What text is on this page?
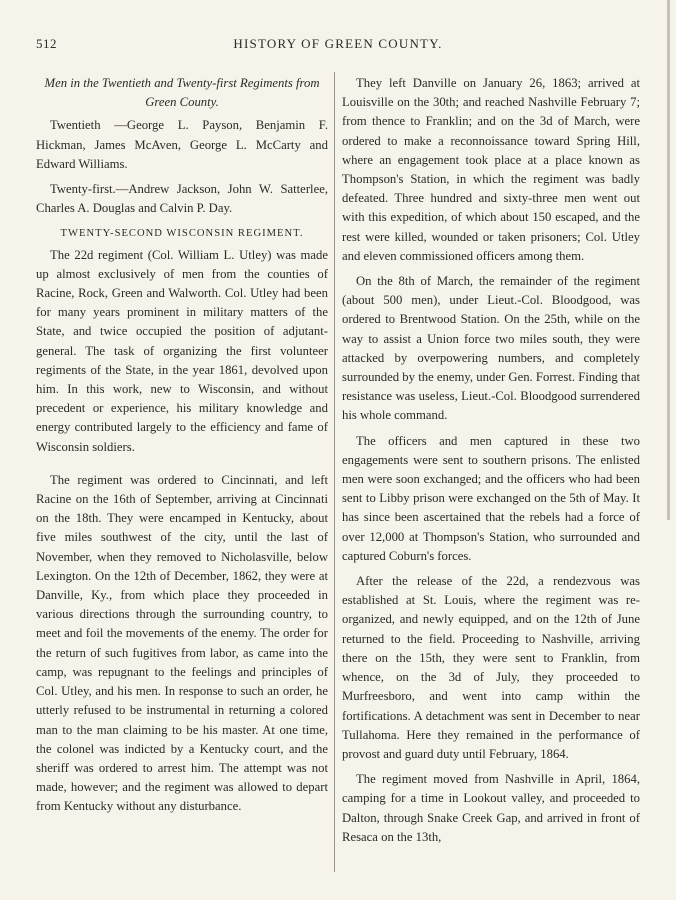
512	HISTORY OF GREEN COUNTY.

Men in the Twentieth and Twenty-first Regiments from Green County.

Twentieth —George L. Payson, Benjamin F. Hickman, James McAven, George L. McCarty and Edward Williams.

Twenty-first.—Andrew Jackson, John W. Satterlee, Charles A. Douglas and Calvin P. Day.

TWENTY-SECOND WISCONSIN REGIMENT.

The 22d regiment (Col. William L. Utley) was made up almost exclusively of men from the counties of Racine, Rock, Green and Walworth. Col. Utley had been for many years prominent in military matters of the State, and twice occupied the position of adjutant-general. The task of organizing the first volunteer regiments of the State, in the year 1861, devolved upon him. In this work, new to Wisconsin, and without precedent or experience, his military knowledge and energy contributed largely to the efficiency and fame of Wisconsin soldiers.

The regiment was ordered to Cincinnati, and left Racine on the 16th of September, arriving at Cincinnati on the 18th. They were encamped in Kentucky, about five miles southwest of the city, until the last of November, when they removed to Nicholasville, below Lexington. On the 12th of December, 1862, they were at Danville, Ky., from which place they proceeded in various directions through the surrounding country, to meet and foil the movements of the enemy. The order for the return of such fugitives from labor, as came into the camp, was repugnant to the feelings and principles of Col. Utley, and his men. In response to such an order, he utterly refused to be instrumental in returning a colored man to the man claiming to be his master. At one time, the colonel was indicted by a Kentucky court, and the sheriff was ordered to arrest him. The attempt was not made, however; and the regiment was allowed to depart from Kentucky without any disturbance.

They left Danville on January 26, 1863; arrived at Louisville on the 30th; and reached Nashville February 7; from thence to Franklin; and on the 3d of March, were ordered to make a reconnoissance toward Spring Hill, where an engagement took place at a place known as Thompson's Station, in which the regiment was badly defeated. Three hundred and sixty-three men went out with this expedition, of which about 150 escaped, and the rest were killed, wounded or taken prisoners; Col. Utley and eleven commissioned officers among them.

On the 8th of March, the remainder of the regiment (about 500 men), under Lieut.-Col. Bloodgood, was ordered to Brentwood Station. On the 25th, while on the way to assist a Union force two miles south, they were attacked by overpowering numbers, and completely surrounded by the enemy, under Gen. Forrest. Finding that resistance was useless, Lieut.-Col. Bloodgood surrendered his whole command.

The officers and men captured in these two engagements were sent to southern prisons. The enlisted men were soon exchanged; and the officers who had been sent to Libby prison were exchanged on the 5th of May. It has since been ascertained that the rebels had a force of over 12,000 at Thompson's Station, who surrounded and captured Coburn's forces.

After the release of the 22d, a rendezvous was established at St. Louis, where the regiment was re-organized, and newly equipped, and on the 12th of June returned to the field. Proceeding to Nashville, arriving there on the 15th, they were sent to Franklin, from whence, on the 3d of July, they proceeded to Murfreesboro, and went into camp within the fortifications. A detachment was sent in December to near Tullahoma. Here they remained in the performance of provost and guard duty until February, 1864.

The regiment moved from Nashville in April, 1864, camping for a time in Lookout valley, and proceeded to Dalton, through Snake Creek Gap, and arrived in front of Resaca on the 13th,
